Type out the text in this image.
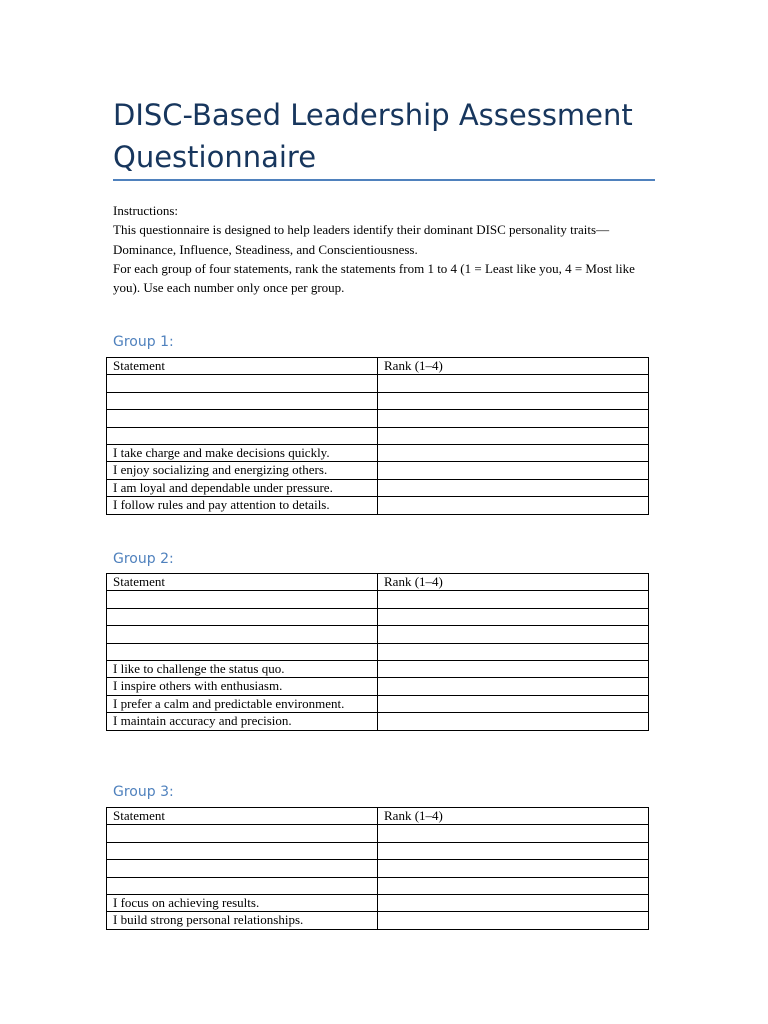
DISC-Based Leadership Assessment Questionnaire
Instructions:
This questionnaire is designed to help leaders identify their dominant DISC personality traits—Dominance, Influence, Steadiness, and Conscientiousness.
For each group of four statements, rank the statements from 1 to 4 (1 = Least like you, 4 = Most like you). Use each number only once per group.
Group 1:
Statement	Rank (1–4)

I take charge and make decisions quickly.	
I enjoy socializing and energizing others.	
I am loyal and dependable under pressure.	
I follow rules and pay attention to details.	
Group 2:
Statement	Rank (1–4)

I like to challenge the status quo.	
I inspire others with enthusiasm.	
I prefer a calm and predictable environment.	
I maintain accuracy and precision.	
Group 3:
Statement	Rank (1–4)

I focus on achieving results.	
I build strong personal relationships.	
